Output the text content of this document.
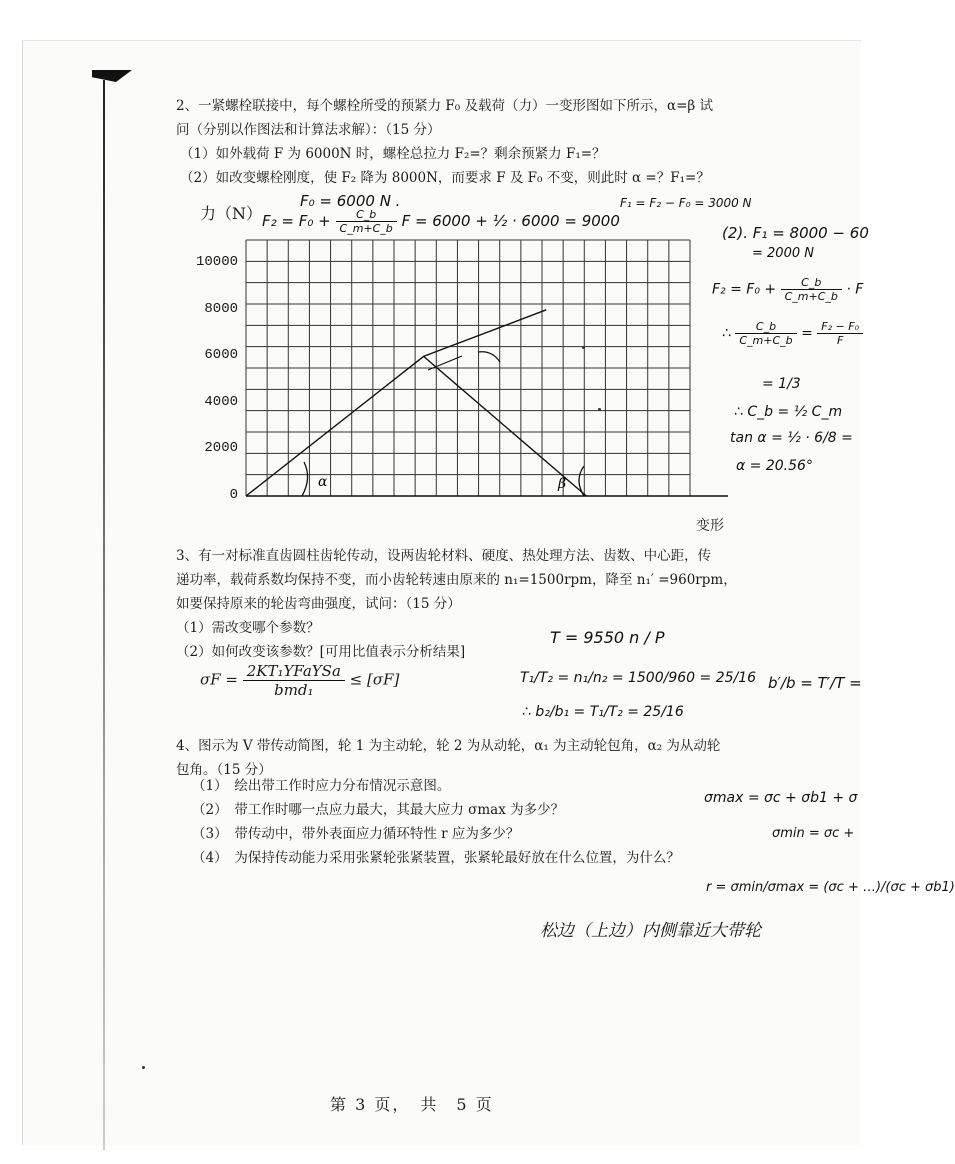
2、一紧螺栓联接中，每个螺栓所受的预紧力 F₀ 及载荷（力）一变形图如下所示，α=β 试
问（分别以作图法和计算法求解）：（15 分）
（1）如外载荷 F 为 6000N 时，螺栓总拉力 F₂=？剩余预紧力 F₁=？
（2）如改变螺栓刚度，使 F₂ 降为 8000N，而要求 F 及 F₀ 不变，则此时 α =？F₁=？
F₀ = 6000 N .	F₁ = F₂ − F₀ = 3000 N
$F_2 = F_0 + \frac{C\_b}{C\_m+C\_b}$ F = 6000 + ½ · 6000 = 9000
力（N）
变形
10000
8000
6000
4000
2000
0
α	β
(2). F₁ = 8000 − 60
= 2000 N
$F_2 = F_0 + \frac{C\_b}{C\_m+C\_b} \cdot F$
∴ $\frac{C\_b}{C\_m+C\_b} = \frac{\text{F₂ − F₀}}{F}$
= 1/3
∴ C_b = ½ C_m
tan α = ½ · 6/8 =
α = 20.56°
3、有一对标准直齿圆柱齿轮传动，设两齿轮材料、硬度、热处理方法、齿数、中心距，传
递功率，载荷系数均保持不变，而小齿轮转速由原来的 n₁=1500rpm，降至 n₁′ =960rpm，
如要保持原来的轮齿弯曲强度，试问：（15 分）
（1）需改变哪个参数？
（2）如何改变该参数？[可用比值表示分析结果]
$\sigma F = \frac{\text{2KT₁YFaYSa}}{\text{bmd₁}} \le [\sigma F]$
T = 9550 n / P
T₁/T₂ = n₁/n₂ = 1500/960 = 25/16
∴ b₂/b₁ = T₁/T₂ = 25/16
b′/b = T′/T =
4、图示为 V 带传动简图，轮 1 为主动轮，轮 2 为从动轮，α₁ 为主动轮包角，α₂ 为从动轮
包角。（15 分）
（1）　绘出带工作时应力分布情况示意图。
（2）　带工作时哪一点应力最大，其最大应力 σmax 为多少？
（3）　带传动中，带外表面应力循环特性 r 应为多少？
（4）　为保持传动能力采用张紧轮张紧装置，张紧轮最好放在什么位置，为什么？
σmax = σc + σb1 + σ
σmin = σc +
r = σmin/σmax = (σc + …)/(σc + σb1)
松边（上边）内侧靠近大带轮
第 3 页，　共　5 页
